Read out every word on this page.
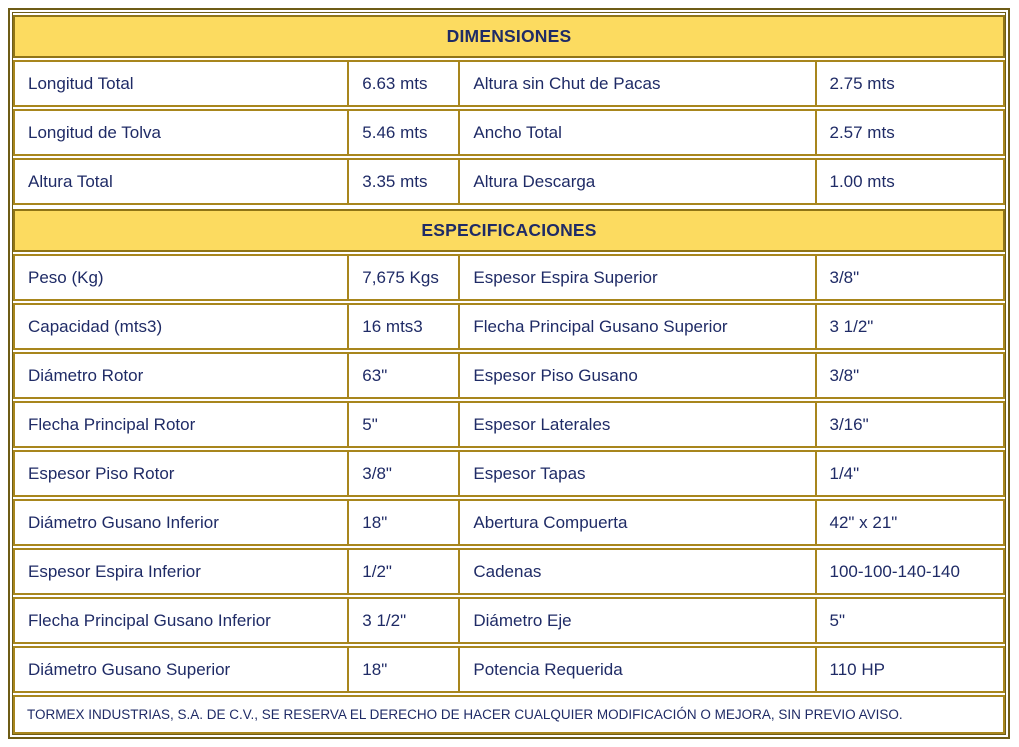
DIMENSIONES			
Longitud Total	6.63 mts	Altura sin Chut de Pacas	2.75 mts
Longitud de Tolva	5.46 mts	Ancho Total	2.57 mts
Altura Total	3.35 mts	Altura Descarga	1.00 mts
ESPECIFICACIONES			
Peso (Kg)	7,675 Kgs	Espesor Espira Superior	3/8"
Capacidad (mts3)	16 mts3	Flecha Principal Gusano Superior	3 1/2"
Diámetro Rotor	63"	Espesor Piso Gusano	3/8"
Flecha Principal Rotor	5"	Espesor Laterales	3/16"
Espesor Piso Rotor	3/8"	Espesor Tapas	1/4"
Diámetro Gusano Inferior	18"	Abertura Compuerta	42" x 21"
Espesor Espira Inferior	1/2"	Cadenas	100-100-140-140
Flecha Principal Gusano Inferior	3 1/2"	Diámetro Eje	5"
Diámetro Gusano Superior	18"	Potencia Requerida	110 HP
TORMEX INDUSTRIAS, S.A. DE C.V., SE RESERVA EL DERECHO DE HACER CUALQUIER MODIFICACIÓN O MEJORA, SIN PREVIO AVISO.
